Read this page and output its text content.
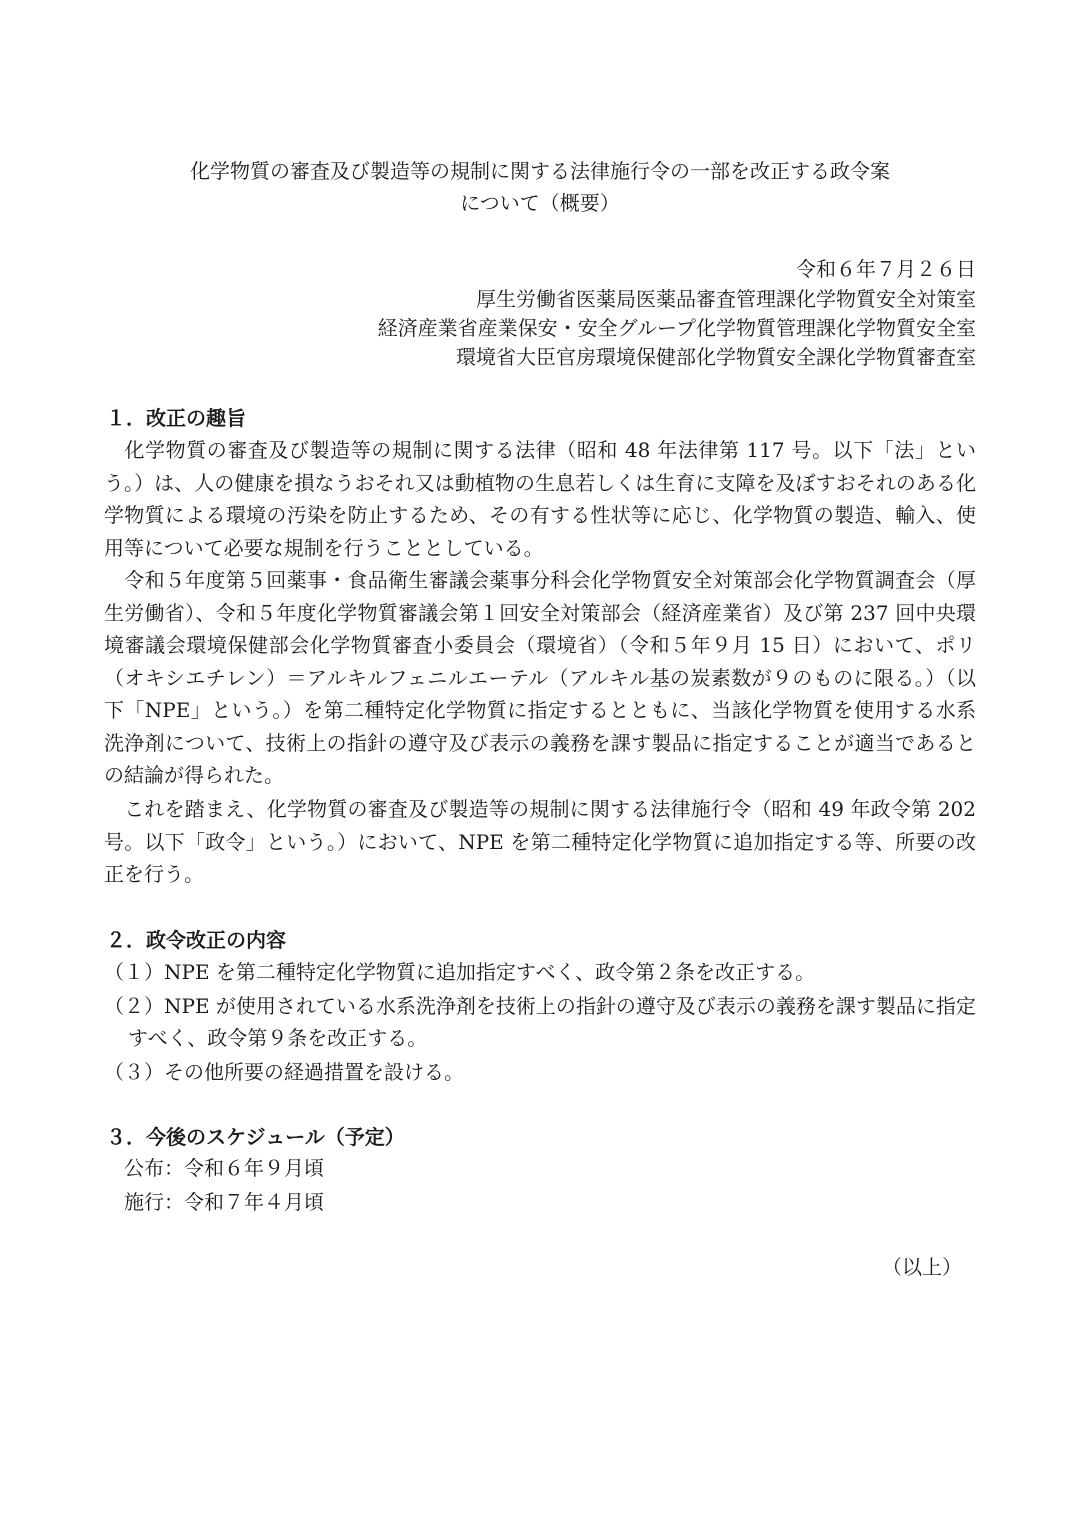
化学物質の審査及び製造等の規制に関する法律施行令の一部を改正する政令案
について（概要）
令和６年７月２６日
厚生労働省医薬局医薬品審査管理課化学物質安全対策室
経済産業省産業保安・安全グループ化学物質管理課化学物質安全室
環境省大臣官房環境保健部化学物質安全課化学物質審査室
１．改正の趣旨
化学物質の審査及び製造等の規制に関する法律（昭和 48 年法律第 117 号。以下「法」という。）は、人の健康を損なうおそれ又は動植物の生息若しくは生育に支障を及ぼすおそれのある化学物質による環境の汚染を防止するため、その有する性状等に応じ、化学物質の製造、輸入、使用等について必要な規制を行うこととしている。
令和５年度第５回薬事・食品衛生審議会薬事分科会化学物質安全対策部会化学物質調査会（厚生労働省）、令和５年度化学物質審議会第１回安全対策部会（経済産業省）及び第 237 回中央環境審議会環境保健部会化学物質審査小委員会（環境省）（令和５年９月 15 日）において、ポリ（オキシエチレン）＝アルキルフェニルエーテル（アルキル基の炭素数が９のものに限る。）（以下「NPE」という。）を第二種特定化学物質に指定するとともに、当該化学物質を使用する水系洗浄剤について、技術上の指針の遵守及び表示の義務を課す製品に指定することが適当であるとの結論が得られた。
これを踏まえ、化学物質の審査及び製造等の規制に関する法律施行令（昭和 49 年政令第 202 号。以下「政令」という。）において、NPE を第二種特定化学物質に追加指定する等、所要の改正を行う。
２．政令改正の内容
（１）NPE を第二種特定化学物質に追加指定すべく、政令第２条を改正する。
（２）NPE が使用されている水系洗浄剤を技術上の指針の遵守及び表示の義務を課す製品に指定すべく、政令第９条を改正する。
（３）その他所要の経過措置を設ける。
３．今後のスケジュール（予定）
公布：令和６年９月頃
施行：令和７年４月頃
（以上）
